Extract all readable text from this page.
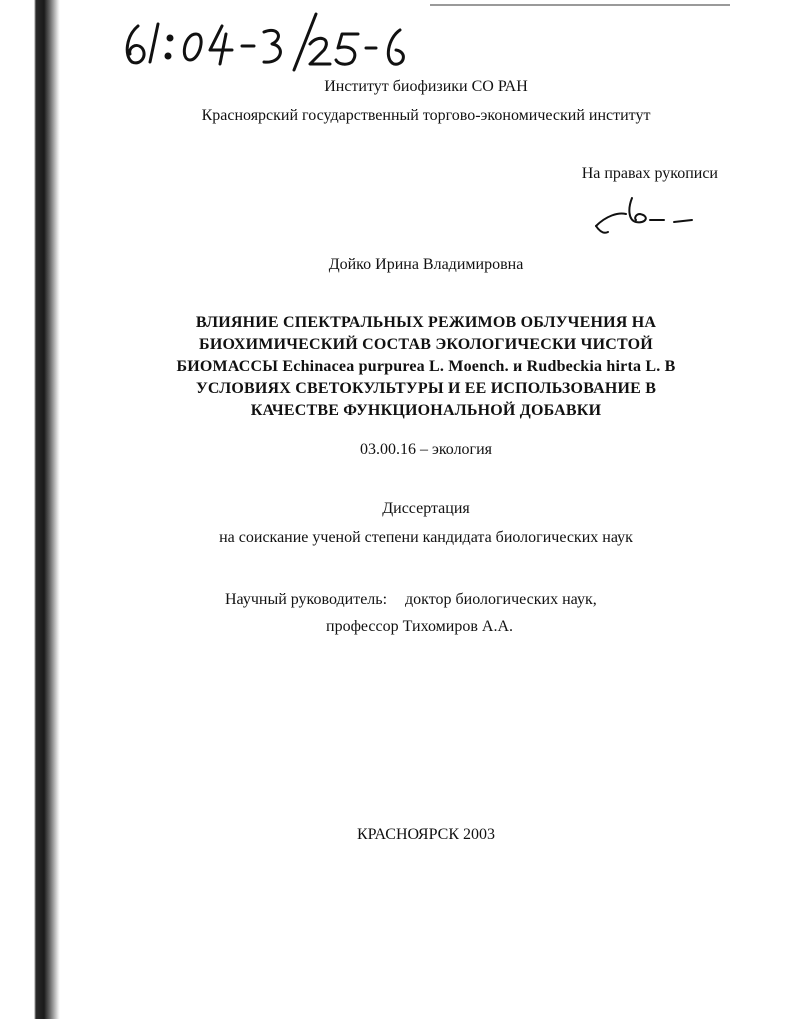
Институт биофизики СО РАН
Красноярский государственный торгово-экономический институт
На правах рукописи
Дойко Ирина Владимировна
ВЛИЯНИЕ СПЕКТРАЛЬНЫХ РЕЖИМОВ ОБЛУЧЕНИЯ НА
БИОХИМИЧЕСКИЙ СОСТАВ ЭКОЛОГИЧЕСКИ ЧИСТОЙ
БИОМАССЫ Echinacea purpurea L. Moench. и Rudbeckia hirta L. В
УСЛОВИЯХ СВЕТОКУЛЬТУРЫ И ЕЕ ИСПОЛЬЗОВАНИЕ В
КАЧЕСТВЕ ФУНКЦИОНАЛЬНОЙ ДОБАВКИ
03.00.16 – экология
Диссертация
на соискание ученой степени кандидата биологических наук
Научный руководитель: доктор биологических наук,
профессор Тихомиров А.А.
КРАСНОЯРСК 2003
